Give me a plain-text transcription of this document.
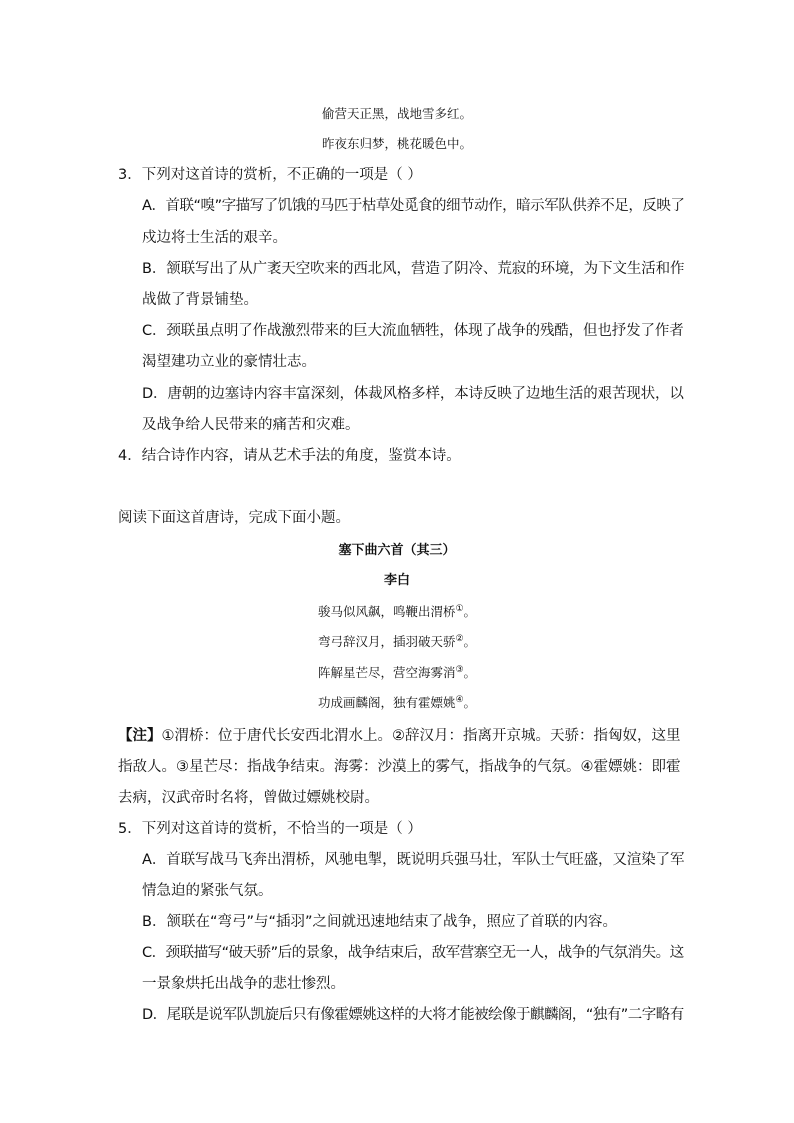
偷营天正黑，战地雪多红。
昨夜东归梦，桃花暖色中。
3．下列对这首诗的赏析，不正确的一项是（ ）
A．首联“嗅”字描写了饥饿的马匹于枯草处觅食的细节动作，暗示军队供养不足，反映了
戍边将士生活的艰辛。
B．颔联写出了从广袤天空吹来的西北风，营造了阴冷、荒寂的环境，为下文生活和作
战做了背景铺垫。
C．颈联虽点明了作战激烈带来的巨大流血牺牲，体现了战争的残酷，但也抒发了作者
渴望建功立业的豪情壮志。
D．唐朝的边塞诗内容丰富深刻，体裁风格多样，本诗反映了边地生活的艰苦现状，以
及战争给人民带来的痛苦和灾难。
4．结合诗作内容，请从艺术手法的角度，鉴赏本诗。
阅读下面这首唐诗，完成下面小题。
塞下曲六首（其三）
李白
骏马似风飙，鸣鞭出渭桥①。
弯弓辞汉月，插羽破天骄②。
阵解星芒尽，营空海雾消③。
功成画麟阁，独有霍嫖姚④。
【注】①渭桥：位于唐代长安西北渭水上。②辞汉月：指离开京城。天骄：指匈奴，这里
指敌人。③星芒尽：指战争结束。海雾：沙漠上的雾气，指战争的气氛。④霍嫖姚：即霍
去病，汉武帝时名将，曾做过嫖姚校尉。
5．下列对这首诗的赏析，不恰当的一项是（ ）
A．首联写战马飞奔出渭桥，风驰电掣，既说明兵强马壮，军队士气旺盛，又渲染了军
情急迫的紧张气氛。
B．颔联在“弯弓”与“插羽”之间就迅速地结束了战争，照应了首联的内容。
C．颈联描写“破天骄”后的景象，战争结束后，敌军营寨空无一人，战争的气氛消失。这
一景象烘托出战争的悲壮惨烈。
D．尾联是说军队凯旋后只有像霍嫖姚这样的大将才能被绘像于麒麟阁，“独有”二字略有
